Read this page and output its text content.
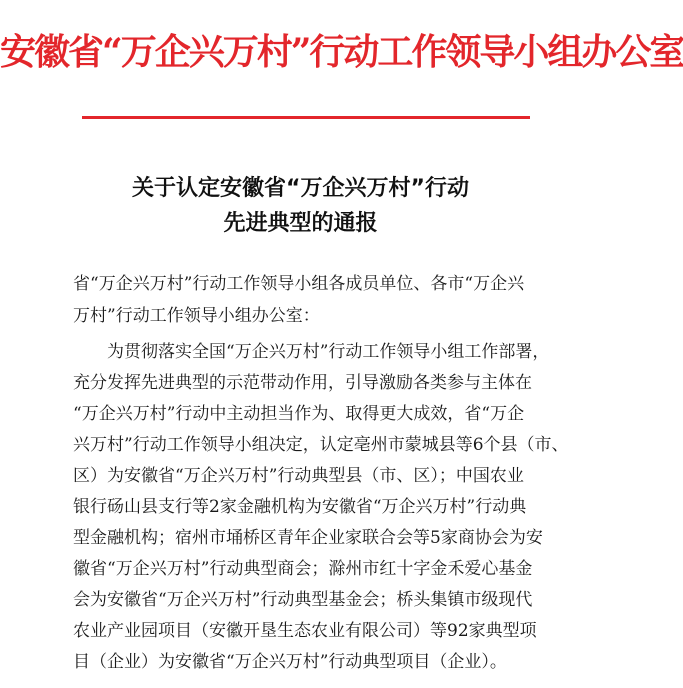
安徽省“万企兴万村”行动工作领导小组办公室
关于认定安徽省“万企兴万村”行动
先进典型的通报
省“万企兴万村”行动工作领导小组各成员单位、各市“万企兴
万村”行动工作领导小组办公室：
为贯彻落实全国“万企兴万村”行动工作领导小组工作部署，
充分发挥先进典型的示范带动作用，引导激励各类参与主体在
“万企兴万村”行动中主动担当作为、取得更大成效，省“万企
兴万村”行动工作领导小组决定，认定亳州市蒙城县等6个县（市、
区）为安徽省“万企兴万村”行动典型县（市、区）；中国农业
银行砀山县支行等2家金融机构为安徽省“万企兴万村”行动典
型金融机构；宿州市埇桥区青年企业家联合会等5家商协会为安
徽省“万企兴万村”行动典型商会；滁州市红十字金禾爱心基金
会为安徽省“万企兴万村”行动典型基金会；桥头集镇市级现代
农业产业园项目（安徽开垦生态农业有限公司）等92家典型项
目（企业）为安徽省“万企兴万村”行动典型项目（企业）。
